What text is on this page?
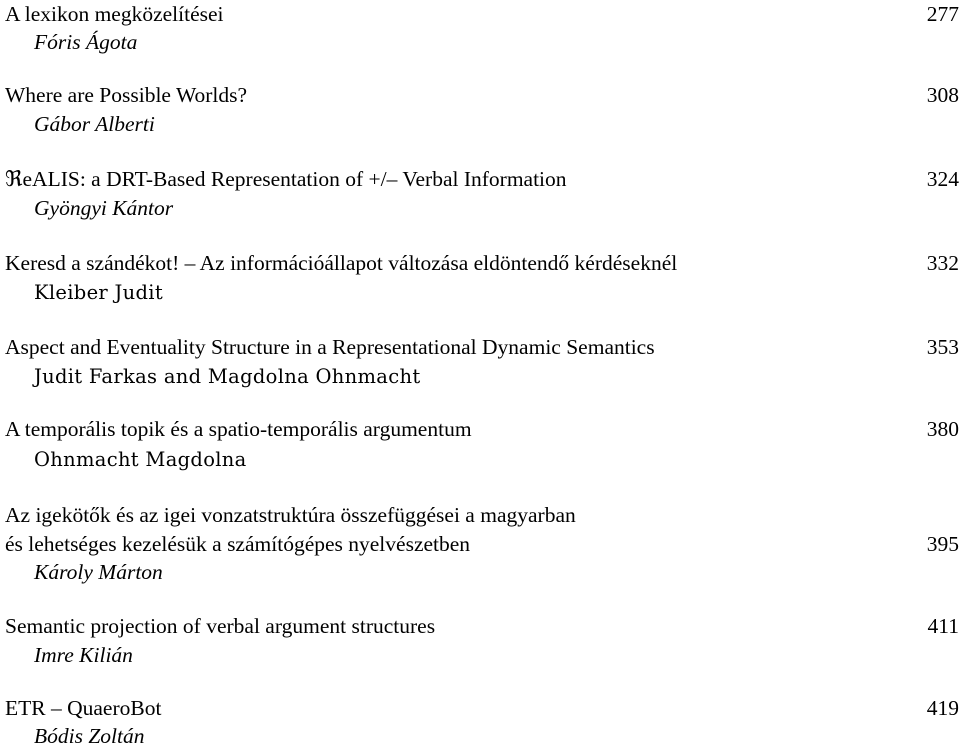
A lexikon megközelítései	277
Fóris Ágota
Where are Possible Worlds?	308
Gábor Alberti
ℜeALIS: a DRT-Based Representation of +/– Verbal Information	324
Gyöngyi Kántor
Keresd a szándékot! – Az információállapot változása eldöntendő kérdéseknél	332
Kleiber Judit
Aspect and Eventuality Structure in a Representational Dynamic Semantics	353
Judit Farkas and Magdolna Ohnmacht
A temporális topik és a spatio-temporális argumentum	380
Ohnmacht Magdolna
Az igekötők és az igei vonzatstruktúra összefüggései a magyarban
és lehetséges kezelésük a számítógépes nyelvészetben	395
Károly Márton
Semantic projection of verbal argument structures	411
Imre Kilián
ETR – QuaeroBot	419
Bódis Zoltán
